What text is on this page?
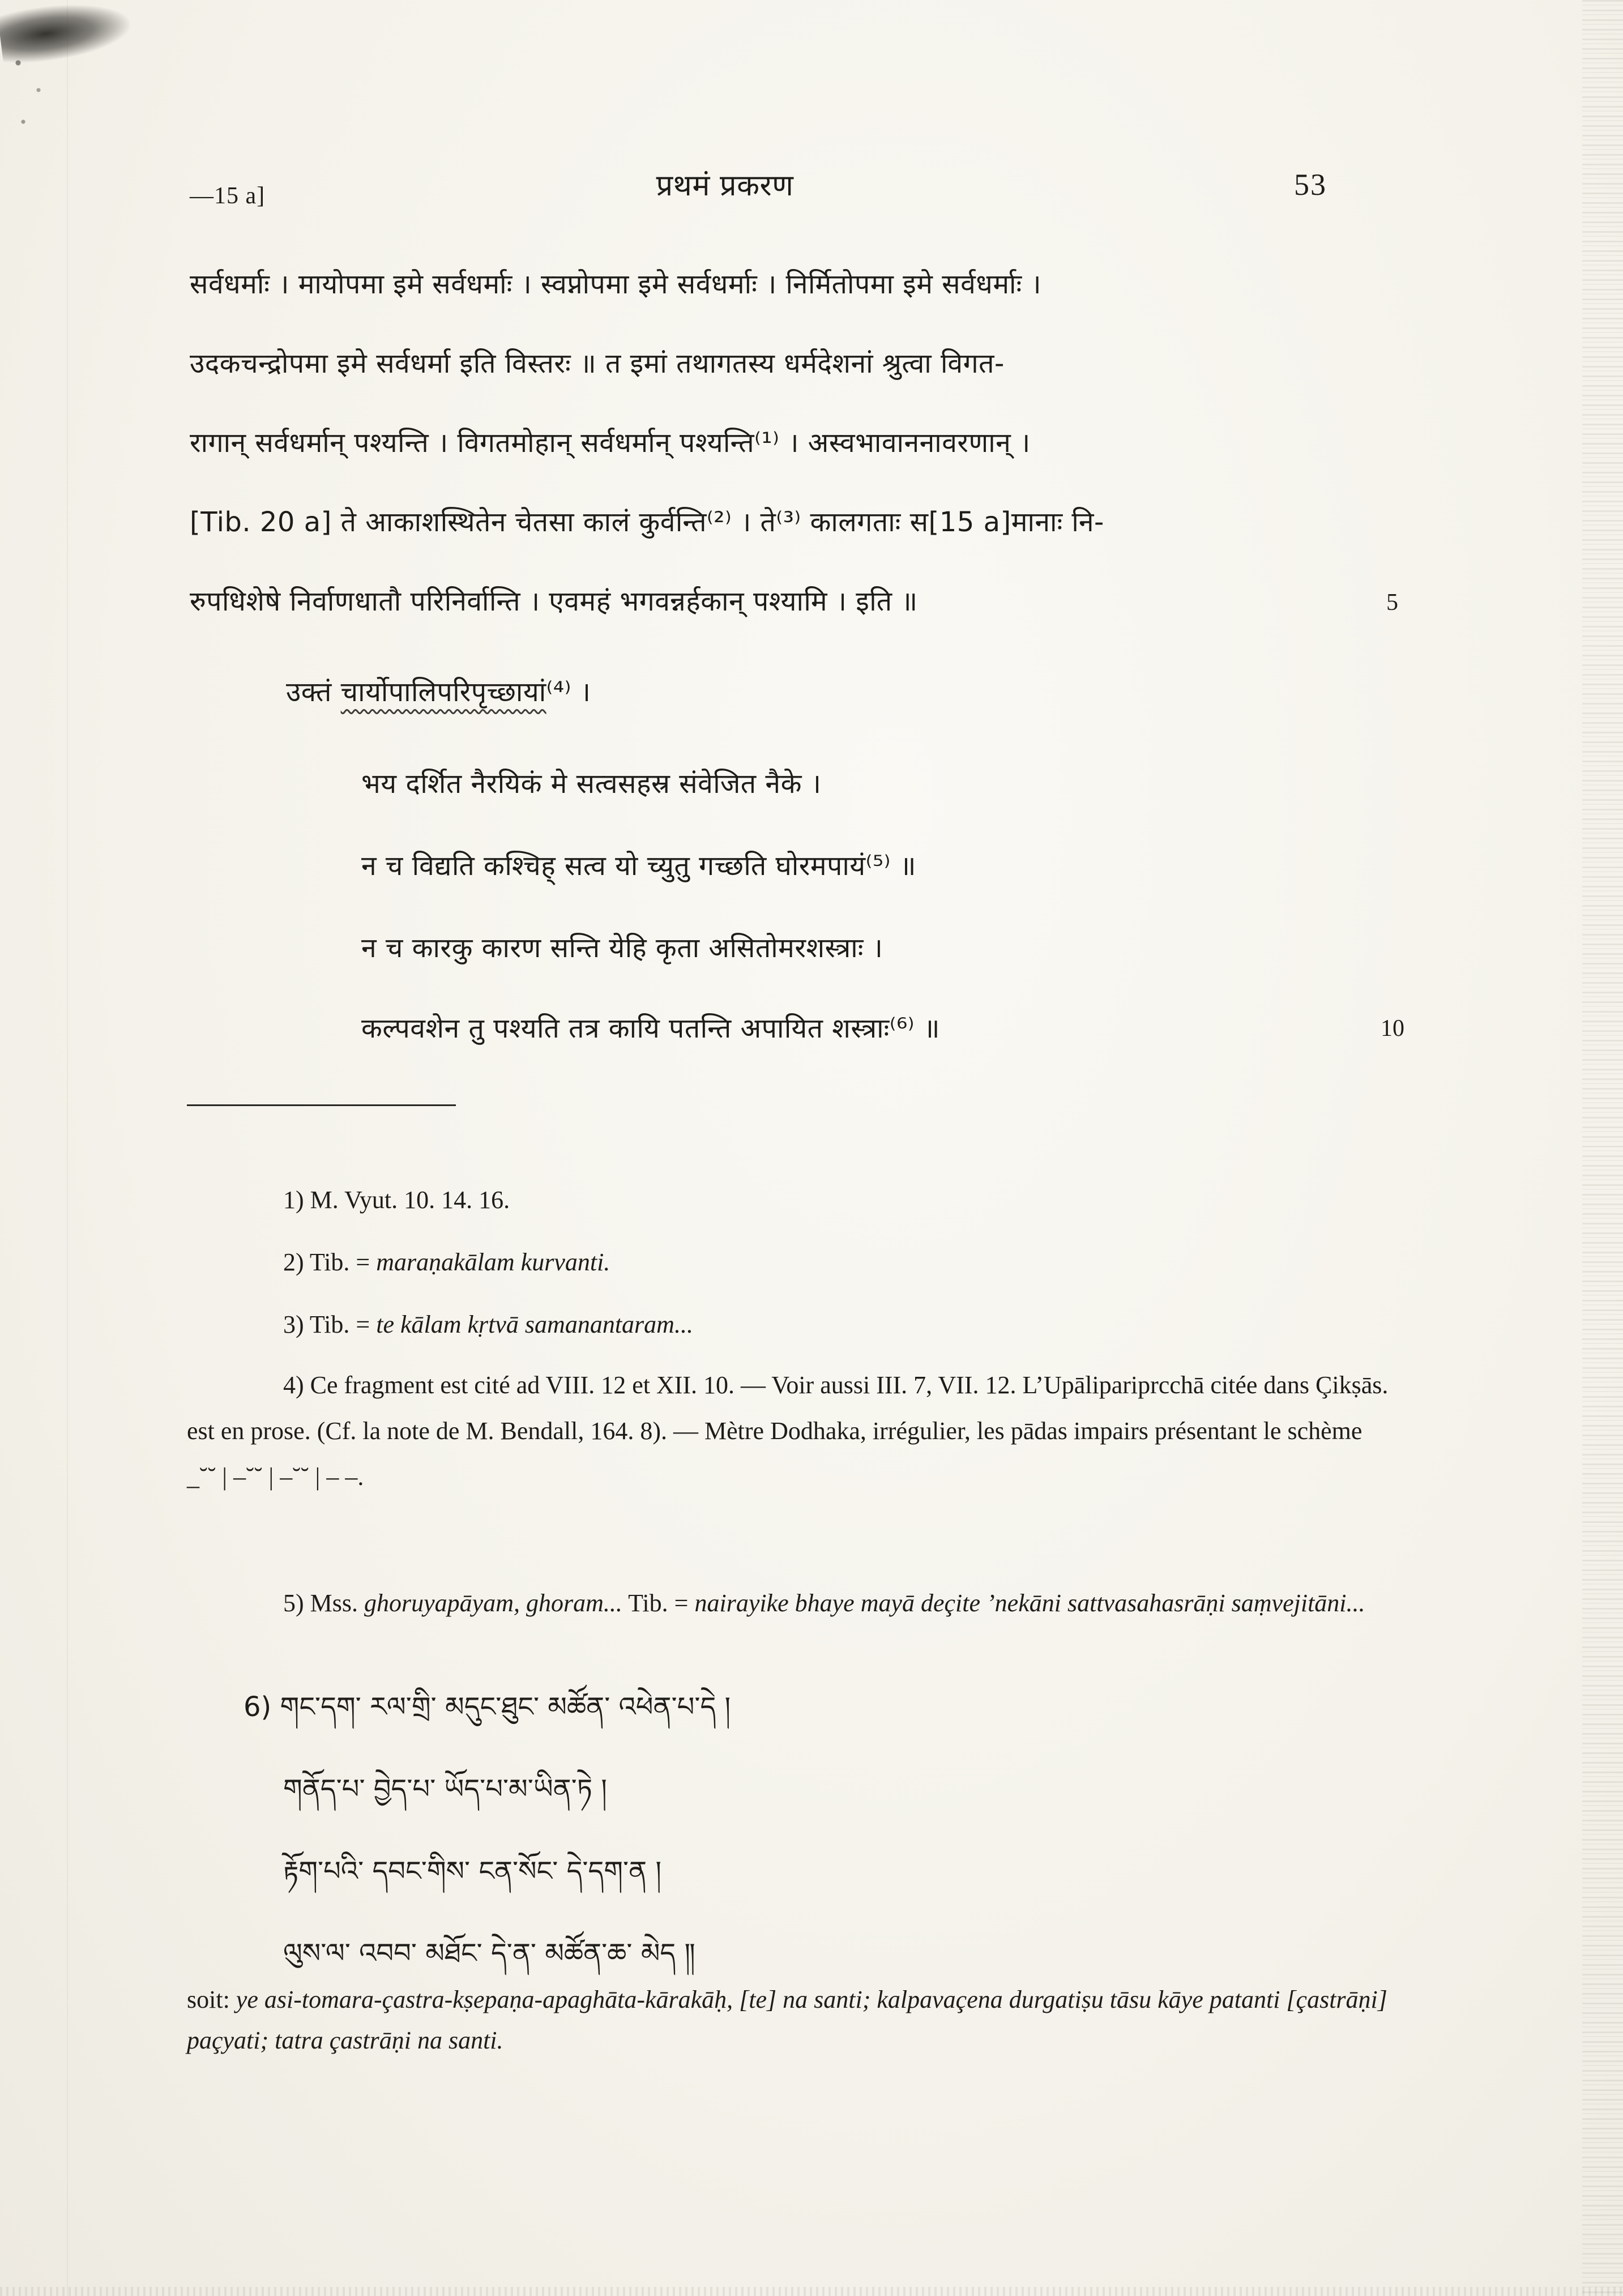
—15 a]	प्रथमं प्रकरण	53
सर्वधर्माः । मायोपमा इमे सर्वधर्माः । स्वप्नोपमा इमे सर्वधर्माः । निर्मितोपमा इमे सर्वधर्माः ।
उदकचन्द्रोपमा इमे सर्वधर्मा इति विस्तरः ॥ त इमां तथागतस्य धर्मदेशनां श्रुत्वा विगत-
रागान् सर्वधर्मान् पश्यन्ति । विगतमोहान् सर्वधर्मान् पश्यन्ति⁽¹⁾ । अस्वभावाननावरणान् ।
[Tib. 20 a] ते आकाशस्थितेन चेतसा कालं कुर्वन्ति⁽²⁾ । ते⁽³⁾ कालगताः स[15 a]मानाः नि-
रुपधिशेषे निर्वाणधातौ परिनिर्वान्ति । एवमहं भगवन्नर्हकान् पश्यामि । इति ॥	5
उक्तं चार्योपालिपरिपृच्छायां⁽⁴⁾ ।
भय दर्शित नैरयिकं मे सत्वसहस्र संवेजित नैके ।
न च विद्यति कश्चिह् सत्व यो च्युतु गच्छति घोरमपायं⁽⁵⁾ ॥
न च कारकु कारण सन्ति येहि कृता असितोमरशस्त्राः ।
कल्पवशेन तु पश्यति तत्र कायि पतन्ति अपायित शस्त्राः⁽⁶⁾ ॥	10
1) M. Vyut. 10. 14. 16.
2) Tib. = maraṇakālam kurvanti.
3) Tib. = te kālam kṛtvā samanantaram...
4) Ce fragment est cité ad VIII. 12 et XII. 10. — Voir aussi III. 7, VII. 12. L’Upālipariprcchā citée dans Çikṣās. est en prose. (Cf. la note de M. Bendall, 164. 8). — Mètre Dodhaka, irrégulier, les pādas impairs présentant le schème _˘˘ | –˘˘ | –˘˘ | – –.
5) Mss. ghoruyapāyam, ghoram... Tib. = nairayike bhaye mayā deçite ’nekāni sattvasahasrāṇi saṃvejitāni...
6) གང་དག་ རལ་གྲི་ མདུང་ཐུང་ མཚོན་ འཕེན་པ་དེ །
གནོད་པ་ བྱེད་པ་ ཡོད་པ་མ་ཡིན་ཏེ །
རྟོག་པའི་ དབང་གིས་ ངན་སོང་ དེ་དག་ན །
ལུས་ལ་ འབབ་ མཐོང་ དེ་ན་ མཚོན་ཆ་ མེད ༎
soit: ye asi-tomara-çastra-kṣepaṇa-apaghāta-kārakāḥ, [te] na santi; kalpavaçena durgatiṣu tāsu kāye patanti [çastrāṇi] paçyati; tatra çastrāṇi na santi.
